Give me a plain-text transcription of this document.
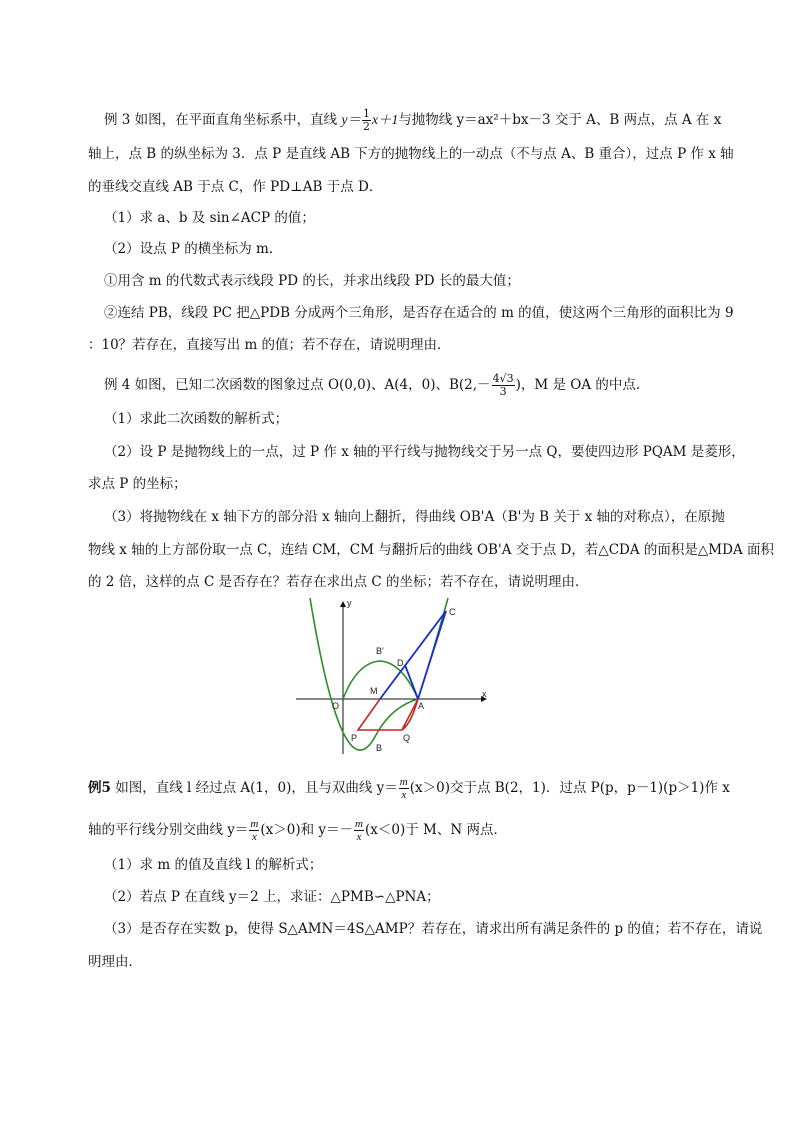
例 3 如图，在平面直角坐标系中，直线 $y= \frac{1}{2} x+1$与抛物线 y＝ax²＋bx－3 交于 A、B 两点，点 A 在 x
轴上，点 B 的纵坐标为 3．点 P 是直线 AB 下方的抛物线上的一动点（不与点 A、B 重合），过点 P 作 x 轴
的垂线交直线 AB 于点 C，作 PD⊥AB 于点 D．
（1）求 a、b 及 sin∠ACP 的值；
（2）设点 P 的横坐标为 m．
①用含 m 的代数式表示线段 PD 的长，并求出线段 PD 长的最大值；
②连结 PB，线段 PC 把△PDB 分成两个三角形，是否存在适合的 m 的值，使这两个三角形的面积比为 9
：10？若存在，直接写出 m 的值；若不存在，请说明理由．
例 4 如图，已知二次函数的图象过点 O(0,0)、A(4，0)、$B(2,- \frac{4√3}{3}$ )，M 是 OA 的中点．
（1）求此二次函数的解析式；
（2）设 P 是抛物线上的一点，过 P 作 x 轴的平行线与抛物线交于另一点 Q，要使四边形 PQAM 是菱形，
求点 P 的坐标；
（3）将抛物线在 x 轴下方的部分沿 x 轴向上翻折，得曲线 OB'A（B'为 B 关于 x 轴的对称点），在原抛
物线 x 轴的上方部份取一点 C，连结 CM，CM 与翻折后的曲线 OB'A 交于点 D，若△CDA 的面积是△MDA 面积
的 2 倍，这样的点 C 是否存在？若存在求出点 C 的坐标；若不存在，请说明理由．
y
x
O
M
A
B
B'
C
D
P	Q
例5 如图，直线 l 经过点 A(1，0)，且与双曲线 $y= \frac{m}{x} (x>0)$交于点 B(2，1)．过点 P(p，p－1)(p＞1)作 x
轴的平行线分别交曲线 $y= \frac{m}{x} (x>0)$和 $y=- \frac{m}{x} (x<0)$于 M、N 两点．
（1）求 m 的值及直线 l 的解析式；
（2）若点 P 在直线 y＝2 上，求证：△PMB∽△PNA；
（3）是否存在实数 p，使得 S△AMN＝4S△AMP？若存在，请求出所有满足条件的 p 的值；若不存在，请说
明理由．
